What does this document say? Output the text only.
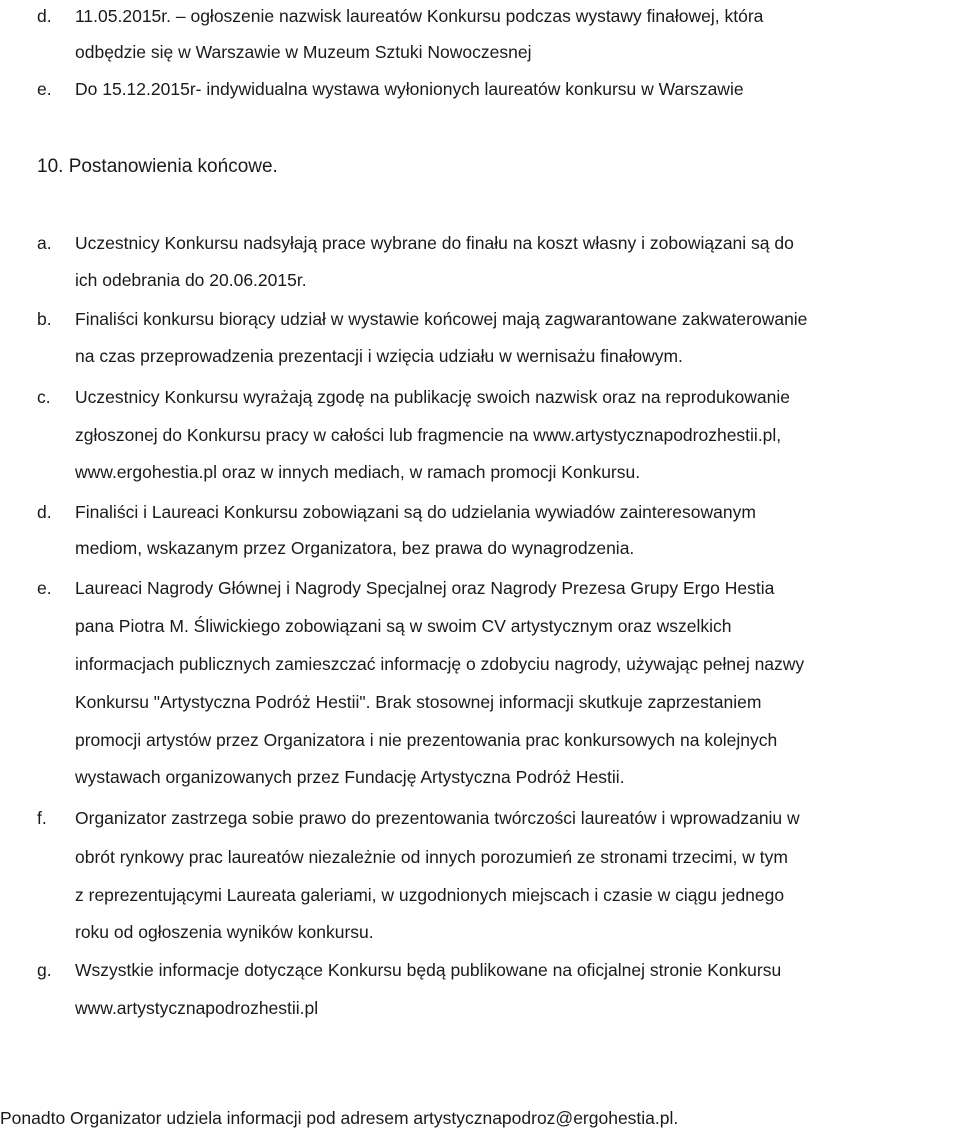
d. 11.05.2015r. – ogłoszenie nazwisk laureatów Konkursu podczas wystawy finałowej, która
odbędzie się w Warszawie w Muzeum Sztuki Nowoczesnej
e. Do 15.12.2015r- indywidualna wystawa wyłonionych laureatów konkursu w Warszawie
10. Postanowienia końcowe.
a. Uczestnicy Konkursu nadsyłają prace wybrane do finału na koszt własny i zobowiązani są do
ich odebrania do 20.06.2015r.
b. Finaliści konkursu biorący udział w wystawie końcowej mają zagwarantowane zakwaterowanie
na czas przeprowadzenia prezentacji i wzięcia udziału w wernisażu finałowym.
c. Uczestnicy Konkursu wyrażają zgodę na publikację swoich nazwisk oraz na reprodukowanie
zgłoszonej do Konkursu pracy w całości lub fragmencie na www.artystycznapodrozhestii.pl,
www.ergohestia.pl oraz w innych mediach, w ramach promocji Konkursu.
d. Finaliści i Laureaci Konkursu zobowiązani są do udzielania wywiadów zainteresowanym
mediom, wskazanym przez Organizatora, bez prawa do wynagrodzenia.
e. Laureaci Nagrody Głównej i Nagrody Specjalnej oraz Nagrody Prezesa Grupy Ergo Hestia
pana Piotra M. Śliwickiego zobowiązani są w swoim CV artystycznym oraz wszelkich
informacjach publicznych zamieszczać informację o zdobyciu nagrody, używając pełnej nazwy
Konkursu "Artystyczna Podróż Hestii". Brak stosownej informacji skutkuje zaprzestaniem
promocji artystów przez Organizatora i nie prezentowania prac konkursowych na kolejnych
wystawach organizowanych przez Fundację Artystyczna Podróż Hestii.
f. Organizator zastrzega sobie prawo do prezentowania twórczości laureatów i wprowadzaniu w
obrót rynkowy prac laureatów niezależnie od innych porozumień ze stronami trzecimi, w tym
z reprezentującymi Laureata galeriami, w uzgodnionych miejscach i czasie w ciągu jednego
roku od ogłoszenia wyników konkursu.
g. Wszystkie informacje dotyczące Konkursu będą publikowane na oficjalnej stronie Konkursu
www.artystycznapodrozhestii.pl
Ponadto Organizator udziela informacji pod adresem artystycznapodroz@ergohestia.pl.
